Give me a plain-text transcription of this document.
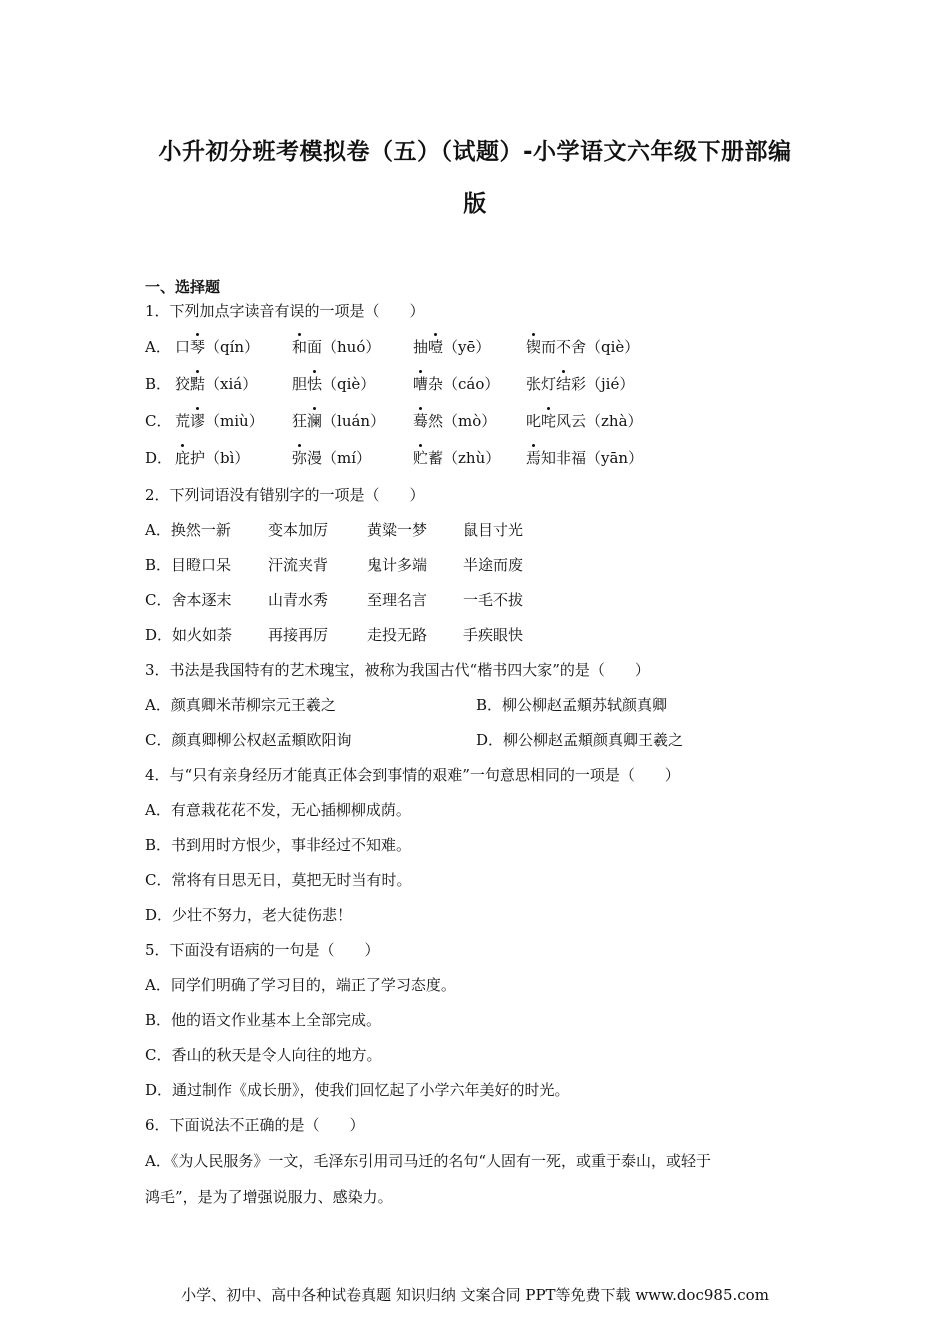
小升初分班考模拟卷（五）（试题）-小学语文六年级下册部编
版
一、选择题
1．下列加点字读音有误的一项是（　　）
A． 口琴（qín） 和面（huó） 抽噎（yē） 锲而不舍（qiè）
B． 狡黠（xiá） 胆怯（qiè）	嘈杂（cáo） 张灯结彩（jié）
C． 荒谬（miù） 狂澜（luán） 蓦然（mò） 叱咤风云（zhà）
D． 庇护（bì）	弥漫（mí）	贮蓄（zhù） 焉知非福（yān）
2．下列词语没有错别字的一项是（　　）
A．换然一新 变本加厉	黄粱一梦 鼠目寸光
B．目瞪口呆 汗流夹背	鬼计多端 半途而废
C．舍本逐末 山青水秀	至理名言 一毛不拔
D．如火如荼 再接再厉	走投无路 手疾眼快
3．书法是我国特有的艺术瑰宝，被称为我国古代“楷书四大家”的是（　　）
A．颜真卿米芾柳宗元王羲之	B．柳公柳赵孟頫苏轼颜真卿
C．颜真卿柳公权赵孟頫欧阳询	D．柳公柳赵孟頫颜真卿王羲之
4．与“只有亲身经历才能真正体会到事情的艰难”一句意思相同的一项是（　　）
A．有意栽花花不发，无心插柳柳成荫。
B．书到用时方恨少，事非经过不知难。
C．常将有日思无日，莫把无时当有时。
D．少壮不努力，老大徒伤悲！
5．下面没有语病的一句是（　　）
A．同学们明确了学习目的，端正了学习态度。
B．他的语文作业基本上全部完成。
C．香山的秋天是令人向往的地方。
D．通过制作《成长册》，使我们回忆起了小学六年美好的时光。
6．下面说法不正确的是（　　）
A．《为人民服务》一文，毛泽东引用司马迁的名句“人固有一死，或重于泰山，或轻于
鸿毛”，是为了增强说服力、感染力。
小学、初中、高中各种试卷真题 知识归纳 文案合同 PPT等免费下载 www.doc985.com
